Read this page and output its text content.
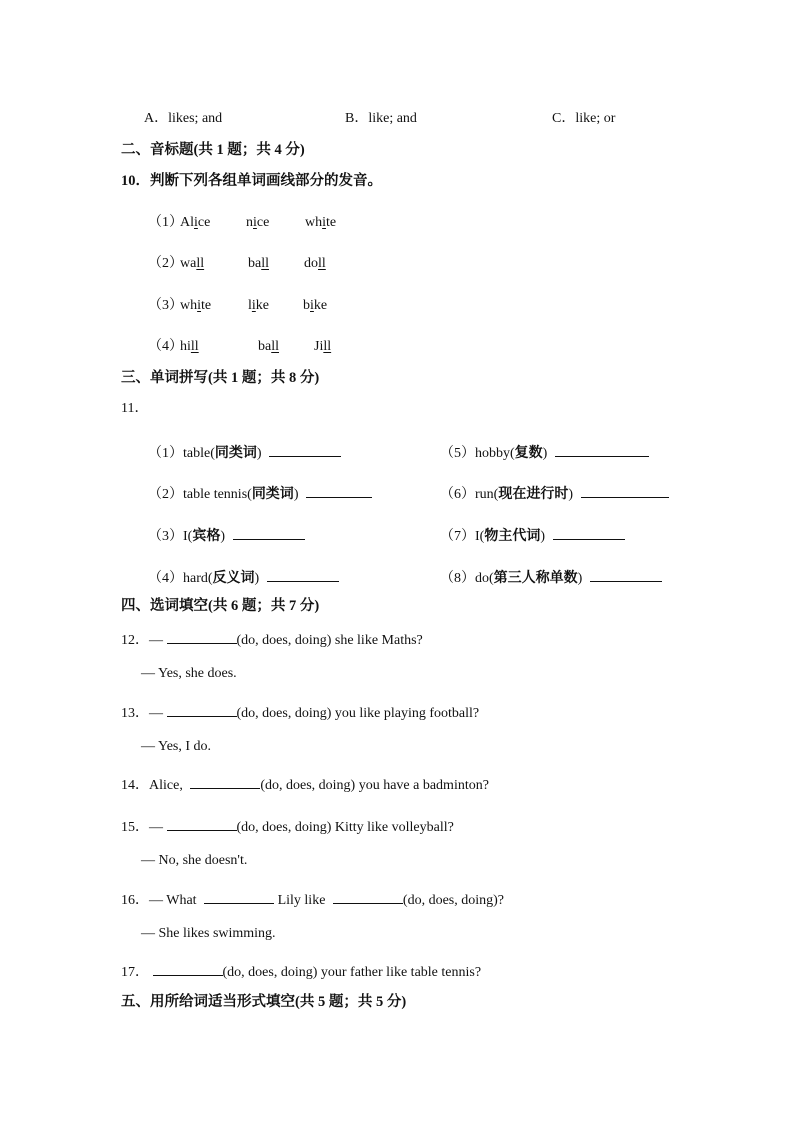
A．likes; and	B．like; and	C．like; or
二、音标题(共 1 题；共 4 分)
10．判断下列各组单词画线部分的发音。
（1）
Alice	nice	white
（2）
wall	ball	doll
（3）
white	like bike
（4）
hill	ball	Jill
三、单词拼写(共 1 题；共 8 分)
11．
（1）table(同类词)
（2）table tennis(同类词)
（3）I(宾格)
（4）hard(反义词)
（5）hobby(复数)
（6）run(现在进行时)
（7）I(物主代词)
（8）do(第三人称单数)
四、选词填空(共 6 题；共 7 分)
12．—	(do, does, doing) she like Maths?
— Yes, she does.
13．—	(do, does, doing) you like playing football?
— Yes, I do.
14．Alice,	(do, does, doing) you have a badminton?
15．—	(do, does, doing) Kitty like volleyball?
— No, she doesn't.
16．— What	Lily like	(do, does, doing)?
— She likes swimming.
17．	(do, does, doing) your father like table tennis?
五、用所给词适当形式填空(共 5 题；共 5 分)
